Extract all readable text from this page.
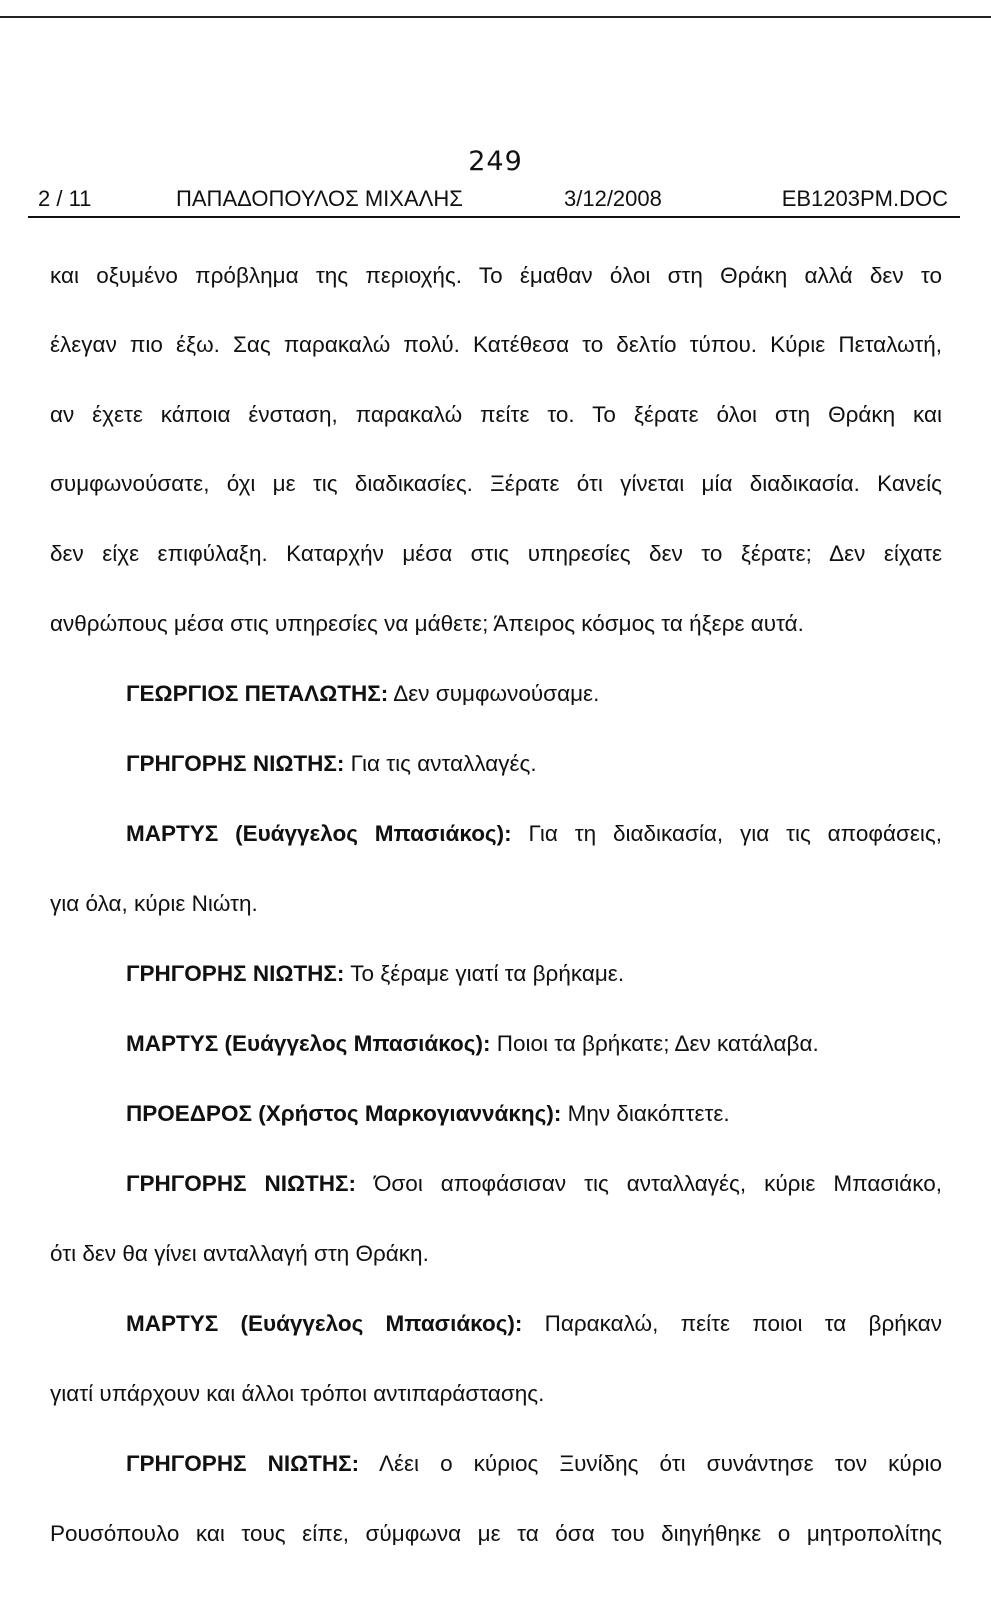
249
2 / 11	ΠΑΠΑΔΟΠΟΥΛΟΣ ΜΙΧΑΛΗΣ	3/12/2008	EB1203PM.DOC
και οξυμένο πρόβλημα της περιοχής. Το έμαθαν όλοι στη Θράκη αλλά δεν το
έλεγαν πιο έξω. Σας παρακαλώ πολύ. Κατέθεσα το δελτίο τύπου. Κύριε Πεταλωτή,
αν έχετε κάποια ένσταση, παρακαλώ πείτε το. Το ξέρατε όλοι στη Θράκη και
συμφωνούσατε, όχι με τις διαδικασίες. Ξέρατε ότι γίνεται μία διαδικασία. Κανείς
δεν είχε επιφύλαξη. Καταρχήν μέσα στις υπηρεσίες δεν το ξέρατε; Δεν είχατε
ανθρώπους μέσα στις υπηρεσίες να μάθετε; Άπειρος κόσμος τα ήξερε αυτά.
ΓΕΩΡΓΙΟΣ ΠΕΤΑΛΩΤΗΣ: Δεν συμφωνούσαμε.
ΓΡΗΓΟΡΗΣ ΝΙΩΤΗΣ: Για τις ανταλλαγές.
ΜΑΡΤΥΣ (Ευάγγελος Μπασιάκος): Για τη διαδικασία, για τις αποφάσεις,
για όλα, κύριε Νιώτη.
ΓΡΗΓΟΡΗΣ ΝΙΩΤΗΣ: Το ξέραμε γιατί τα βρήκαμε.
ΜΑΡΤΥΣ (Ευάγγελος Μπασιάκος): Ποιοι τα βρήκατε; Δεν κατάλαβα.
ΠΡΟΕΔΡΟΣ (Χρήστος Μαρκογιαννάκης): Μην διακόπτετε.
ΓΡΗΓΟΡΗΣ ΝΙΩΤΗΣ: Όσοι αποφάσισαν τις ανταλλαγές, κύριε Μπασιάκο,
ότι δεν θα γίνει ανταλλαγή στη Θράκη.
ΜΑΡΤΥΣ (Ευάγγελος Μπασιάκος): Παρακαλώ, πείτε ποιοι τα βρήκαν
γιατί υπάρχουν και άλλοι τρόποι αντιπαράστασης.
ΓΡΗΓΟΡΗΣ ΝΙΩΤΗΣ: Λέει ο κύριος Ξυνίδης ότι συνάντησε τον κύριο
Ρουσόπουλο και τους είπε, σύμφωνα με τα όσα του διηγήθηκε ο μητροπολίτης
